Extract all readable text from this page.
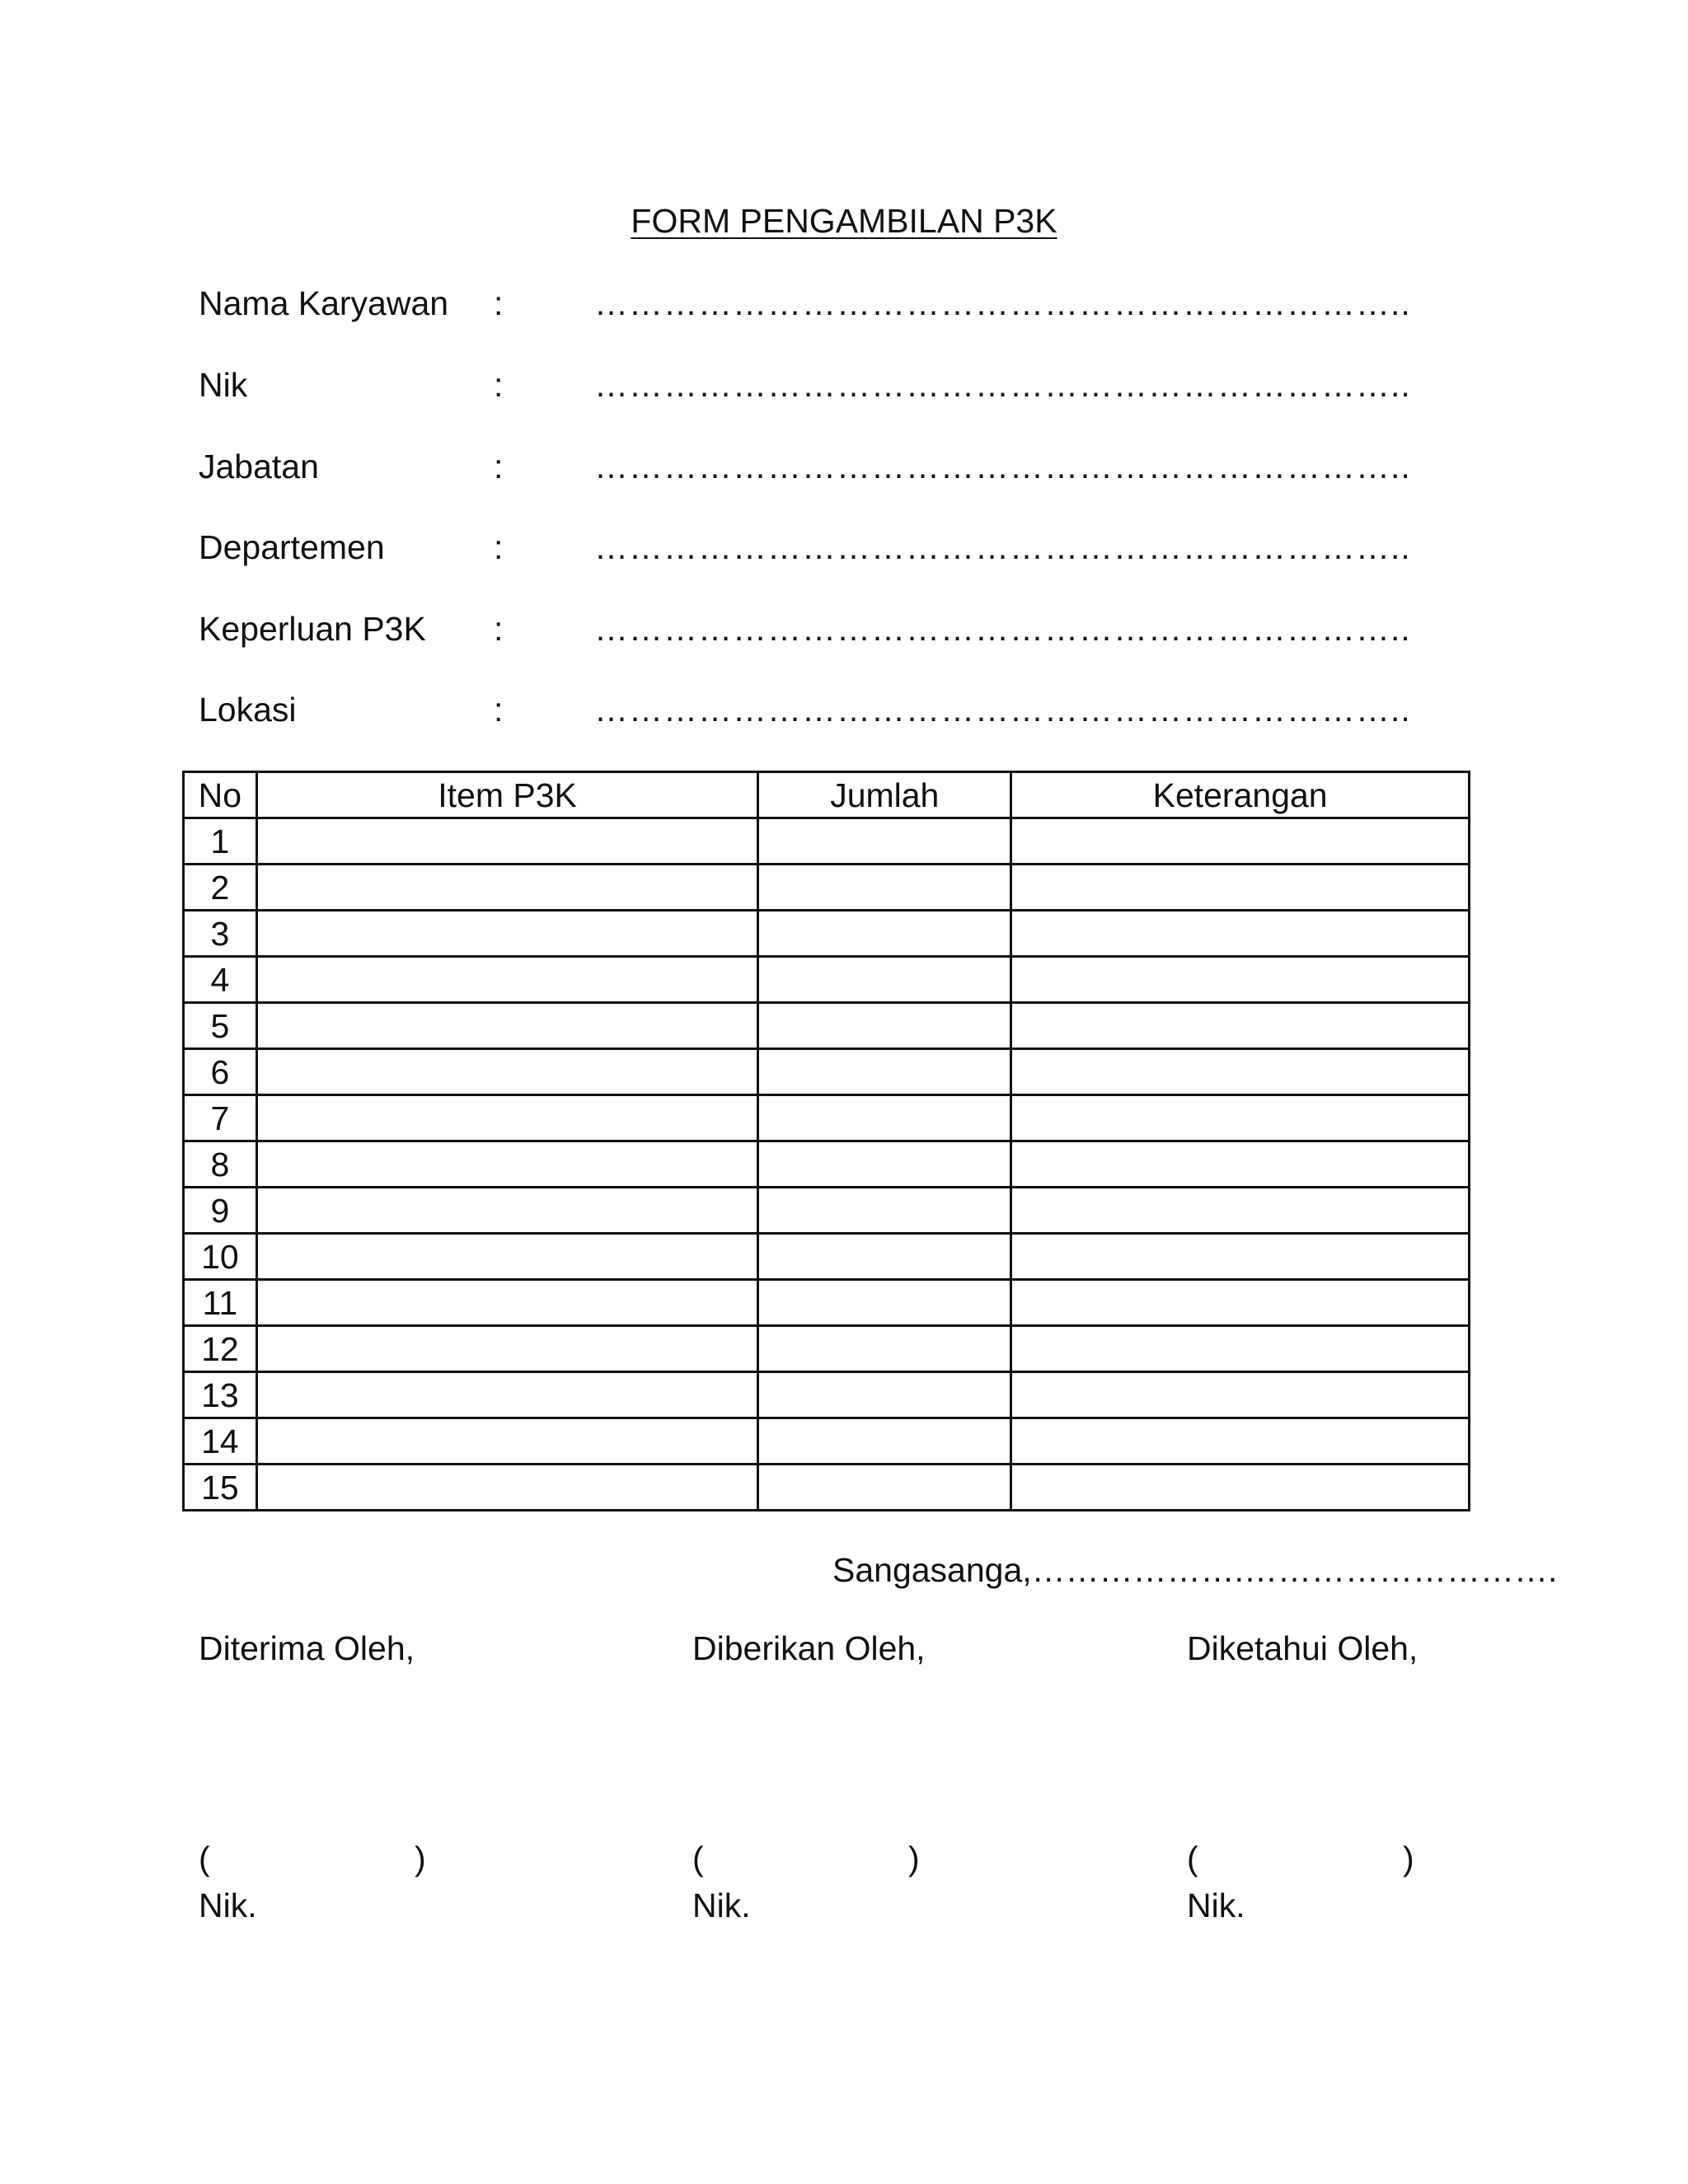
FORM PENGAMBILAN P3K
Nama Karyawan :	……………………………………………………………..
Nik	:	……………………………………………………………..
Jabatan	:	……………………………………………………………..
Departemen	:	……………………………………………………………..
Keperluan P3K :	……………………………………………………………..
Lokasi	:	……………………………………………………………..
No	Item P3K	Jumlah	Keterangan
1			
2			
3			
4			
5			
6			
7			
8			
9			
10			
11			
12			
13			
14			
15			
Sangasanga,……………….……………………….
Diterima Oleh,
(	)
Nik.
Diberikan Oleh,
(	)
Nik.
Diketahui Oleh,
(	)
Nik.
